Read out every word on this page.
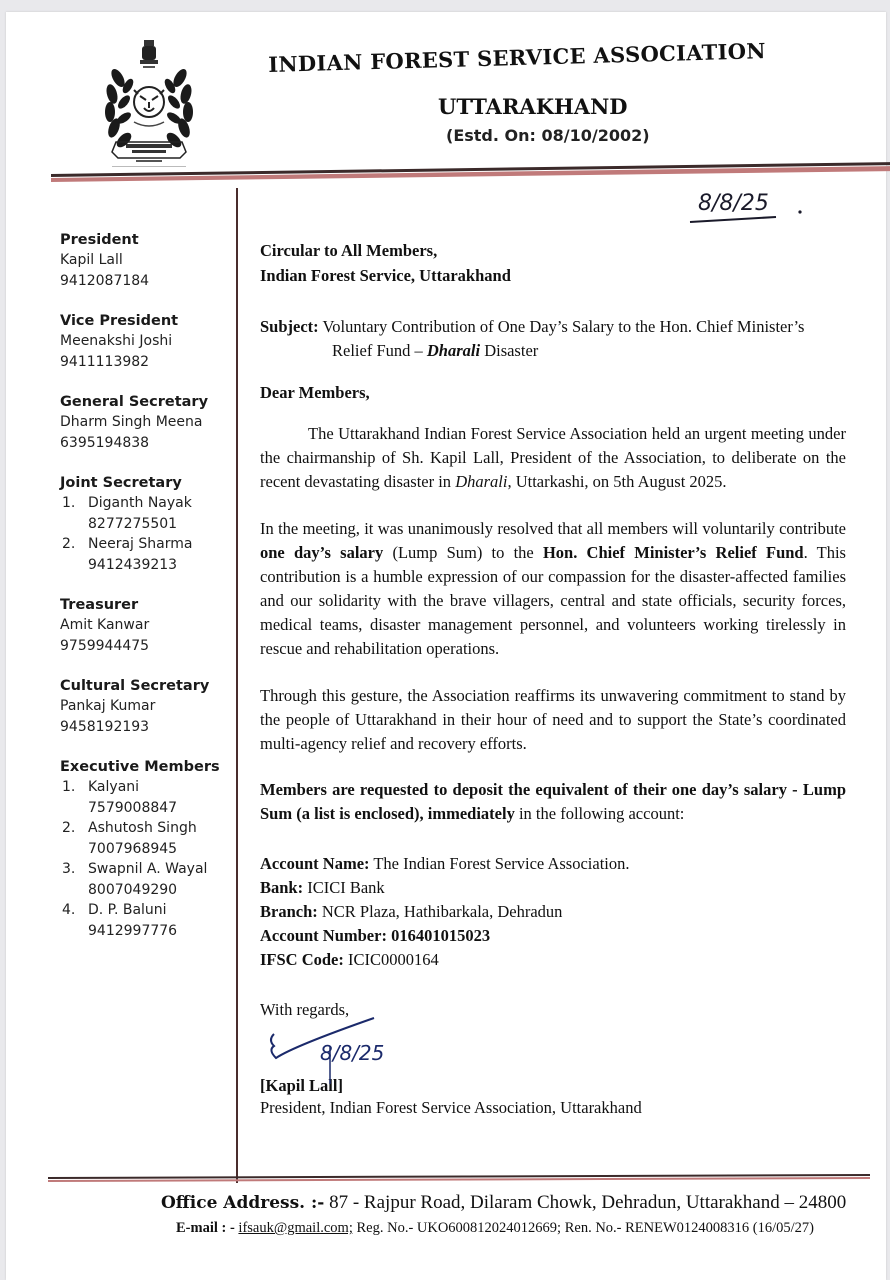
INDIAN FOREST SERVICE ASSOCIATION
UTTARAKHAND
(Estd. On: 08/10/2002)
8/8/25
President
Kapil Lall
9412087184
Vice President
Meenakshi Joshi
9411113982
General Secretary
Dharm Singh Meena
6395194838
Joint Secretary
1. Diganth Nayak
8277275501
2. Neeraj Sharma
9412439213
Treasurer
Amit Kanwar
9759944475
Cultural Secretary
Pankaj Kumar
9458192193
Executive Members
1. Kalyani
7579008847
2. Ashutosh Singh
7007968945
3. Swapnil A. Wayal
8007049290
4. D. P. Baluni
9412997776
Circular to All Members,
Indian Forest Service, Uttarakhand
Subject: Voluntary Contribution of One Day’s Salary to the Hon. Chief Minister’s
Relief Fund – Dharali Disaster
Dear Members,
The Uttarakhand Indian Forest Service Association held an urgent meeting under the chairmanship of Sh. Kapil Lall, President of the Association, to deliberate on the recent devastating disaster in Dharali, Uttarkashi, on 5th August 2025.
In the meeting, it was unanimously resolved that all members will voluntarily contribute one day’s salary (Lump Sum) to the Hon. Chief Minister’s Relief Fund. This contribution is a humble expression of our compassion for the disaster-affected families and our solidarity with the brave villagers, central and state officials, security forces, medical teams, disaster management personnel, and volunteers working tirelessly in rescue and rehabilitation operations.
Through this gesture, the Association reaffirms its unwavering commitment to stand by the people of Uttarakhand in their hour of need and to support the State’s coordinated multi-agency relief and recovery efforts.
Members are requested to deposit the equivalent of their one day’s salary - Lump Sum (a list is enclosed), immediately in the following account:
Account Name: The Indian Forest Service Association.
Bank: ICICI Bank
Branch: NCR Plaza, Hathibarkala, Dehradun
Account Number: 016401015023
IFSC Code: ICIC0000164
With regards,
8/8/25
[Kapil Lall]
President, Indian Forest Service Association, Uttarakhand
Office Address. :- 87 - Rajpur Road, Dilaram Chowk, Dehradun, Uttarakhand – 24800
E-mail : - ifsauk@gmail.com; Reg. No.- UKO600812024012669; Ren. No.- RENEW0124008316 (16/05/27)
